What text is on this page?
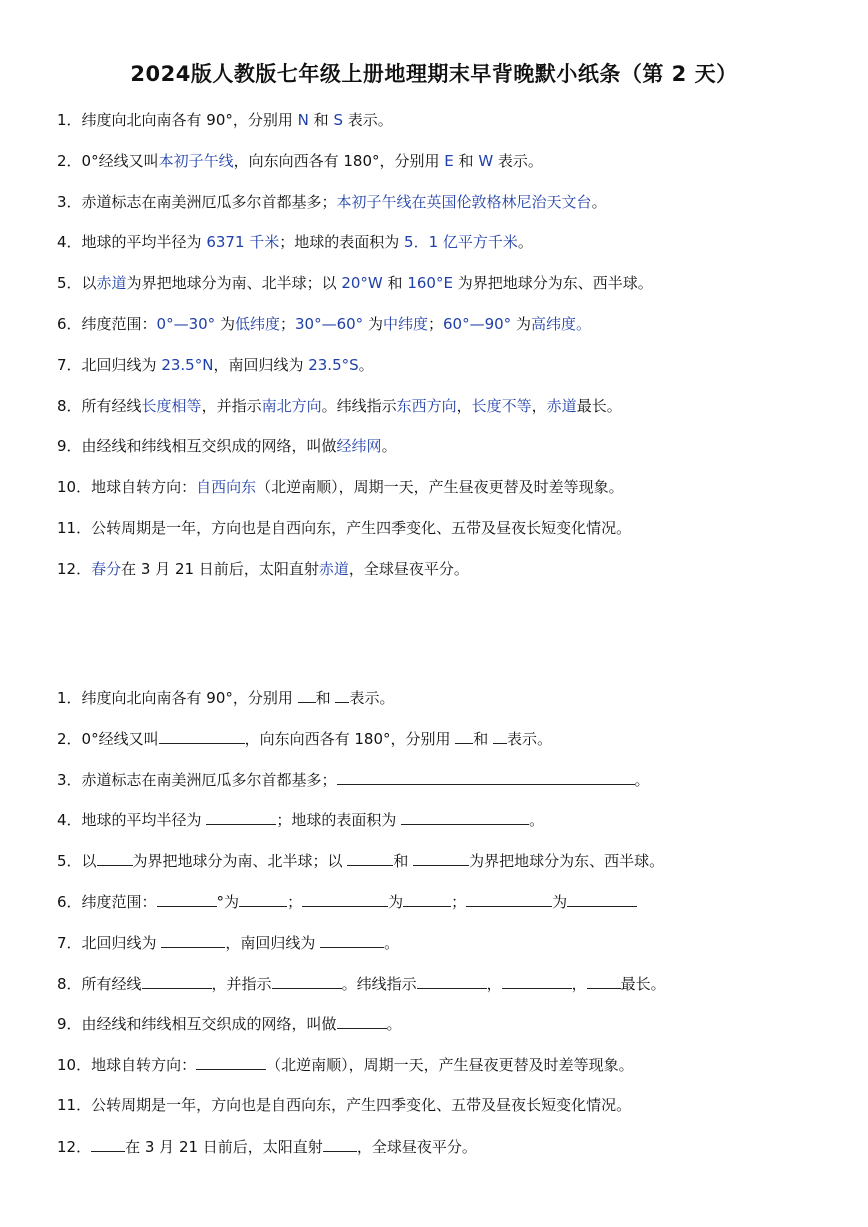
2024版人教版七年级上册地理期末早背晚默小纸条（第 2 天）
1．纬度向北向南各有 90°，分别用 N 和 S 表示。
2．0°经线又叫本初子午线，向东向西各有 180°，分别用 E 和 W 表示。
3．赤道标志在南美洲厄瓜多尔首都基多；本初子午线在英国伦敦格林尼治天文台。
4．地球的平均半径为 6371 千米；地球的表面积为 5．1 亿平方千米。
5．以赤道为界把地球分为南、北半球；以 20°W 和 160°E 为界把地球分为东、西半球。
6．纬度范围：0°—30° 为低纬度；30°—60° 为中纬度；60°—90° 为高纬度。
7．北回归线为 23.5°N，南回归线为 23.5°S。
8．所有经线长度相等，并指示南北方向。纬线指示东西方向，长度不等，赤道最长。
9．由经线和纬线相互交织成的网络，叫做经纬网。
10．地球自转方向：自西向东（北逆南顺），周期一天，产生昼夜更替及时差等现象。
11．公转周期是一年，方向也是自西向东，产生四季变化、五带及昼夜长短变化情况。
12．春分在 3 月 21 日前后，太阳直射赤道，全球昼夜平分。
1．纬度向北向南各有 90°，分别用 和 表示。
2．0°经线又叫	，向东向西各有 180°，分别用 和 表示。
3．赤道标志在南美洲厄瓜多尔首都基多；	。
4．地球的平均半径为	；地球的表面积为	。
5．以 为界把地球分为南、北半球；以	和	为界把地球分为东、西半球。
6．纬度范围：	°为	；	为	；	为
7．北回归线为	，南回归线为	。
8．所有经线	，并指示	。纬线指示	，	， 最长。
9．由经线和纬线相互交织成的网络，叫做	。
10．地球自转方向：	（北逆南顺），周期一天，产生昼夜更替及时差等现象。
11．公转周期是一年，方向也是自西向东，产生四季变化、五带及昼夜长短变化情况。
12． 在 3 月 21 日前后，太阳直射 ，全球昼夜平分。
